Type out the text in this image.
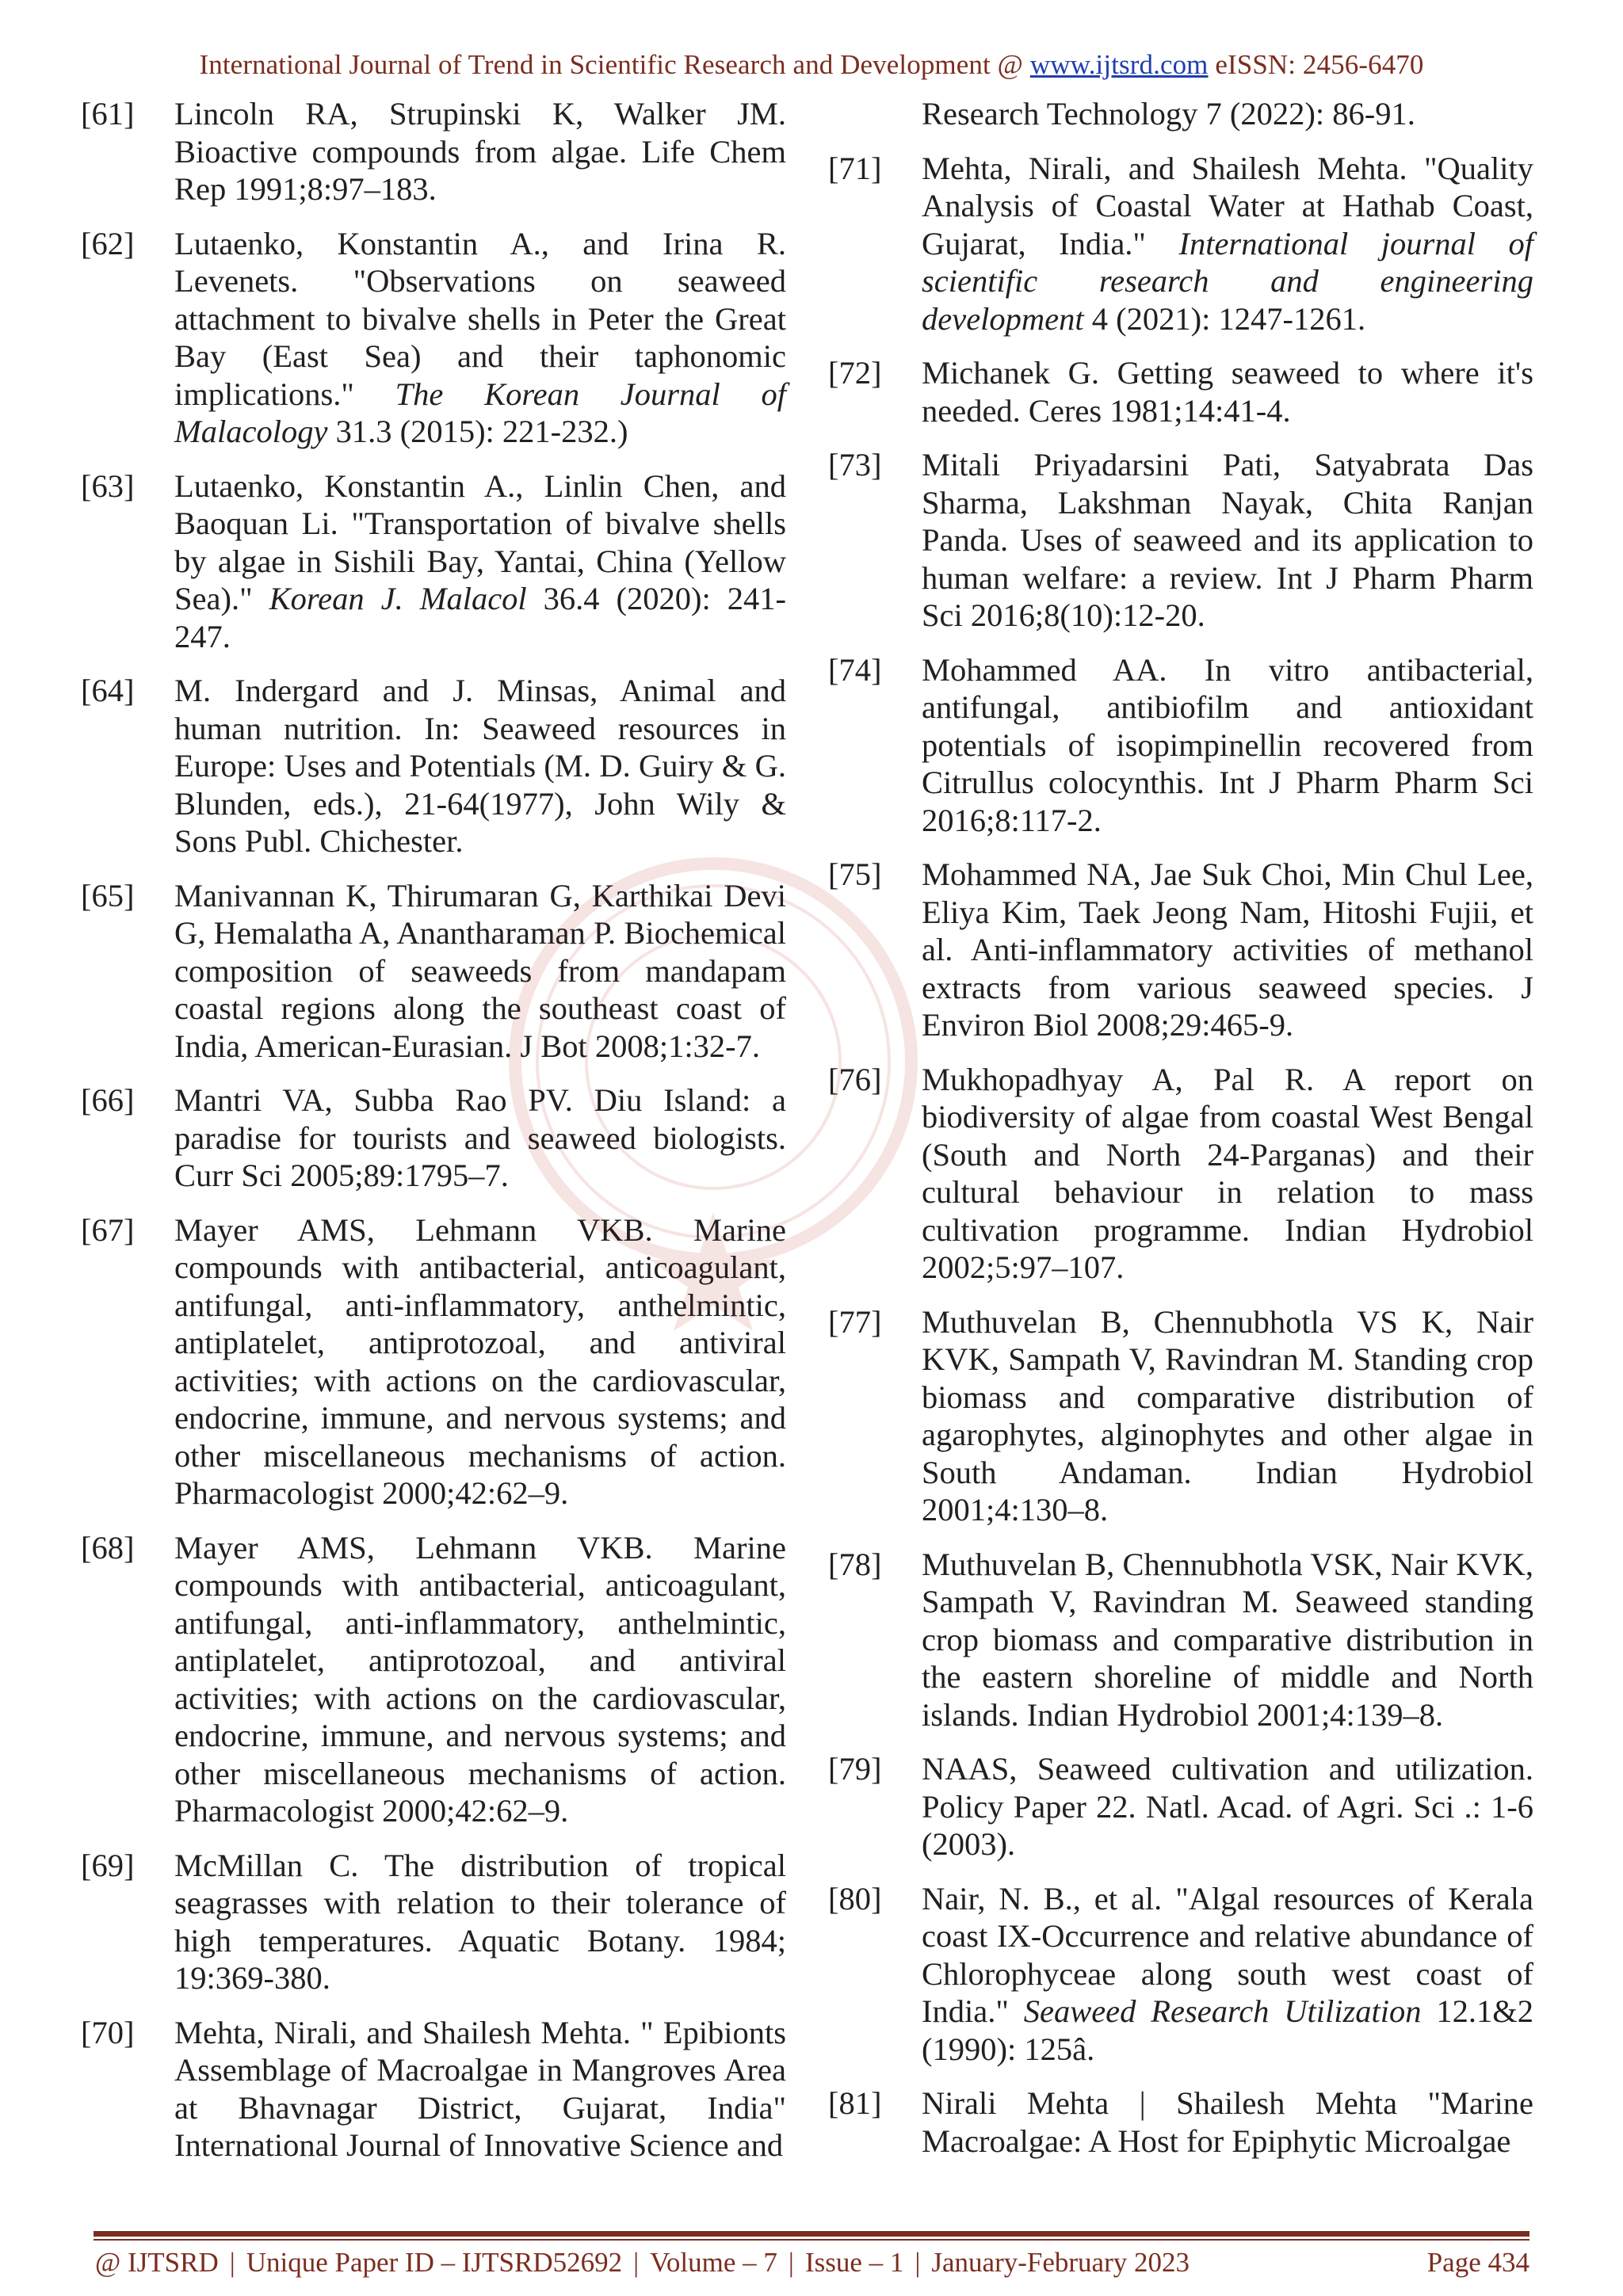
International Journal of Trend in Scientific Research and Development @ www.ijtsrd.com eISSN: 2456-6470
[61]	Lincoln RA, Strupinski K, Walker JM. Bioactive compounds from algae. Life Chem Rep 1991;8:97–183.
[62]	Lutaenko, Konstantin A., and Irina R. Levenets. "Observations on seaweed attachment to bivalve shells in Peter the Great Bay (East Sea) and their taphonomic implications." The Korean Journal of Malacology 31.3 (2015): 221-232.)
[63]	Lutaenko, Konstantin A., Linlin Chen, and Baoquan Li. "Transportation of bivalve shells by algae in Sishili Bay, Yantai, China (Yellow Sea)." Korean J. Malacol 36.4 (2020): 241-247.
[64]	M. Indergard and J. Minsas, Animal and human nutrition. In: Seaweed resources in Europe: Uses and Potentials (M. D. Guiry & G. Blunden, eds.), 21-64(1977), John Wily & Sons Publ. Chichester.
[65]	Manivannan K, Thirumaran G, Karthikai Devi G, Hemalatha A, Anantharaman P. Biochemical composition of seaweeds from mandapam coastal regions along the southeast coast of India, American-Eurasian. J Bot 2008;1:32-7.
[66]	Mantri VA, Subba Rao PV. Diu Island: a paradise for tourists and seaweed biologists. Curr Sci 2005;89:1795–7.
[67]	Mayer AMS, Lehmann VKB. Marine compounds with antibacterial, anticoagulant, antifungal, anti-inflammatory, anthelmintic, antiplatelet, antiprotozoal, and antiviral activities; with actions on the cardiovascular, endocrine, immune, and nervous systems; and other miscellaneous mechanisms of action. Pharmacologist 2000;42:62–9.
[68]	Mayer AMS, Lehmann VKB. Marine compounds with antibacterial, anticoagulant, antifungal, anti-inflammatory, anthelmintic, antiplatelet, antiprotozoal, and antiviral activities; with actions on the cardiovascular, endocrine, immune, and nervous systems; and other miscellaneous mechanisms of action. Pharmacologist 2000;42:62–9.
[69]	McMillan C. The distribution of tropical seagrasses with relation to their tolerance of high temperatures. Aquatic Botany. 1984; 19:369-380.
[70]	Mehta, Nirali, and Shailesh Mehta. " Epibionts Assemblage of Macroalgae in Mangroves Area at Bhavnagar District, Gujarat, India" International Journal of Innovative Science and
Research Technology 7 (2022): 86-91.
[71]	Mehta, Nirali, and Shailesh Mehta. "Quality Analysis of Coastal Water at Hathab Coast, Gujarat, India." International journal of scientific research and engineering development 4 (2021): 1247-1261.
[72]	Michanek G. Getting seaweed to where it's needed. Ceres 1981;14:41-4.
[73]	Mitali Priyadarsini Pati, Satyabrata Das Sharma, Lakshman Nayak, Chita Ranjan Panda. Uses of seaweed and its application to human welfare: a review. Int J Pharm Pharm Sci 2016;8(10):12-20.
[74]	Mohammed AA. In vitro antibacterial, antifungal, antibiofilm and antioxidant potentials of isopimpinellin recovered from Citrullus colocynthis. Int J Pharm Pharm Sci 2016;8:117-2.
[75]	Mohammed NA, Jae Suk Choi, Min Chul Lee, Eliya Kim, Taek Jeong Nam, Hitoshi Fujii, et al. Anti-inflammatory activities of methanol extracts from various seaweed species. J Environ Biol 2008;29:465-9.
[76]	Mukhopadhyay A, Pal R. A report on biodiversity of algae from coastal West Bengal (South and North 24-Parganas) and their cultural behaviour in relation to mass cultivation programme. Indian Hydrobiol 2002;5:97–107.
[77]	Muthuvelan B, Chennubhotla VS K, Nair KVK, Sampath V, Ravindran M. Standing crop biomass and comparative distribution of agarophytes, alginophytes and other algae in South Andaman. Indian Hydrobiol 2001;4:130–8.
[78]	Muthuvelan B, Chennubhotla VSK, Nair KVK, Sampath V, Ravindran M. Seaweed standing crop biomass and comparative distribution in the eastern shoreline of middle and North islands. Indian Hydrobiol 2001;4:139–8.
[79]	NAAS, Seaweed cultivation and utilization. Policy Paper 22. Natl. Acad. of Agri. Sci .: 1-6 (2003).
[80]	Nair, N. B., et al. "Algal resources of Kerala coast IX-Occurrence and relative abundance of Chlorophyceae along south west coast of India." Seaweed Research Utilization 12.1&2 (1990): 125â.
[81]	Nirali Mehta | Shailesh Mehta "Marine Macroalgae: A Host for Epiphytic Microalgae
@ IJTSRD | Unique Paper ID – IJTSRD52692 | Volume – 7 | Issue – 1 | January-February 2023	Page 434
